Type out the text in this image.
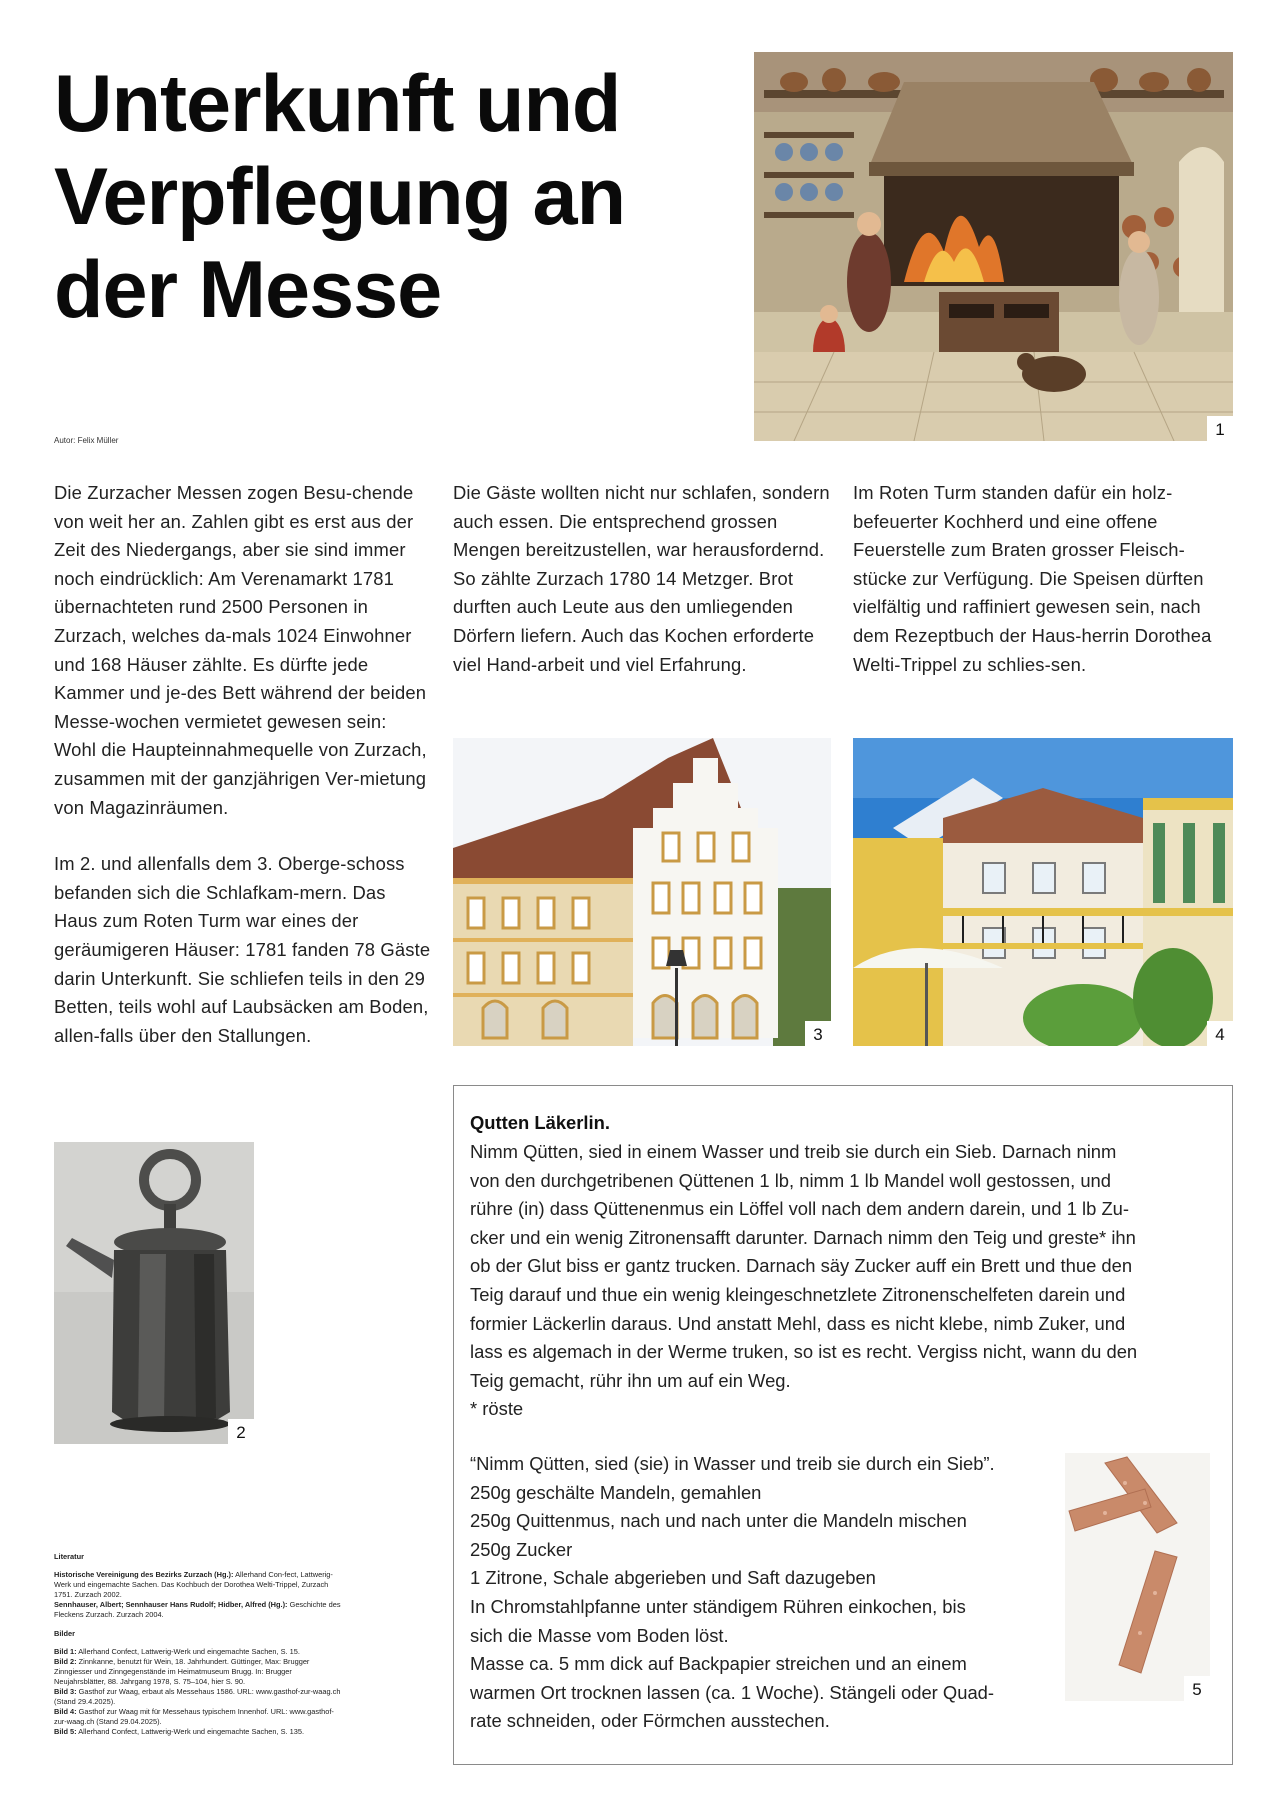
Unterkunft und
Verpflegung an
der Messe
Autor: Felix Müller
1

Die Zurzacher Messen zogen Besu-chende von weit her an. Zahlen gibt es erst aus der Zeit des Niedergangs, aber sie sind immer noch eindrücklich: Am Verenamarkt 1781 übernachteten rund 2500 Personen in Zurzach, welches da-mals 1024 Einwohner und 168 Häuser zählte. Es dürfte jede Kammer und je-des Bett während der beiden Messe-wochen vermietet gewesen sein: Wohl die Haupteinnahmequelle von Zurzach, zusammen mit der ganzjährigen Ver-mietung von Magazinräumen.

Im 2. und allenfalls dem 3. Oberge-schoss befanden sich die Schlafkam-mern. Das Haus zum Roten Turm war eines der geräumigeren Häuser: 1781 fanden 78 Gäste darin Unterkunft. Sie schliefen teils in den 29 Betten, teils wohl auf Laubsäcken am Boden, allen-falls über den Stallungen.

Die Gäste wollten nicht nur schlafen, sondern auch essen. Die entsprechend grossen Mengen bereitzustellen, war herausfordernd. So zählte Zurzach 1780 14 Metzger. Brot durften auch Leute aus den umliegenden Dörfern liefern. Auch das Kochen erforderte viel Hand-arbeit und viel Erfahrung.

Im Roten Turm standen dafür ein holz-befeuerter Kochherd und eine offene Feuerstelle zum Braten grosser Fleisch-stücke zur Verfügung. Die Speisen dürften vielfältig und raffiniert gewesen sein, nach dem Rezeptbuch der Haus-herrin Dorothea Welti-Trippel zu schlies-sen.

3	4
2
Qutten Läkerlin.
Nimm Qütten, sied in einem Wasser und treib sie durch ein Sieb. Darnach ninm
von den durchgetribenen Qüttenen 1 lb, nimm 1 lb Mandel woll gestossen, und
rühre (in) dass Qüttenenmus ein Löffel voll nach dem andern darein, und 1 lb Zu-
cker und ein wenig Zitronensafft darunter. Darnach nimm den Teig und greste* ihn
ob der Glut biss er gantz trucken. Darnach säy Zucker auff ein Brett und thue den
Teig darauf und thue ein wenig kleingeschnetzlete Zitronenschelfeten darein und
formier Läckerlin daraus. Und anstatt Mehl, dass es nicht klebe, nimb Zuker, und
lass es algemach in der Werme truken, so ist es recht. Vergiss nicht, wann du den
Teig gemacht, rühr ihn um auf ein Weg.
* röste
“Nimm Qütten, sied (sie) in Wasser und treib sie durch ein Sieb”.
250g geschälte Mandeln, gemahlen
250g Quittenmus, nach und nach unter die Mandeln mischen
250g Zucker
1 Zitrone, Schale abgerieben und Saft dazugeben
In Chromstahlpfanne unter ständigem Rühren einkochen, bis
sich die Masse vom Boden löst.
Masse ca. 5 mm dick auf Backpapier streichen und an einem
warmen Ort trocknen lassen (ca. 1 Woche). Stängeli oder Quad-
rate schneiden, oder Förmchen ausstechen.
5
Literatur
Historische Vereinigung des Bezirks Zurzach (Hg.): Allerhand Con-fect, Lattwerig-Werk und eingemachte Sachen. Das Kochbuch der Dorothea Welti-Trippel, Zurzach 1751. Zurzach 2002.
Sennhauser, Albert; Sennhauser Hans Rudolf; Hidber, Alfred (Hg.): Geschichte des Fleckens Zurzach. Zurzach 2004.
Bilder
Bild 1: Allerhand Confect, Lattwerig-Werk und eingemachte Sachen, S. 15.
Bild 2: Zinnkanne, benutzt für Wein, 18. Jahrhundert. Güttinger, Max: Brugger Zinngiesser und Zinngegenstände im Heimatmuseum Brugg. In: Brugger Neujahrsblätter, 88. Jahrgang 1978, S. 75–104, hier S. 90.
Bild 3: Gasthof zur Waag, erbaut als Messehaus 1586. URL: www.gasthof-zur-waag.ch (Stand 29.4.2025).
Bild 4: Gasthof zur Waag mit für Messehaus typischem Innenhof. URL: www.gasthof-zur-waag.ch (Stand 29.04.2025).
Bild 5: Allerhand Confect, Lattwerig-Werk und eingemachte Sachen, S. 135.
